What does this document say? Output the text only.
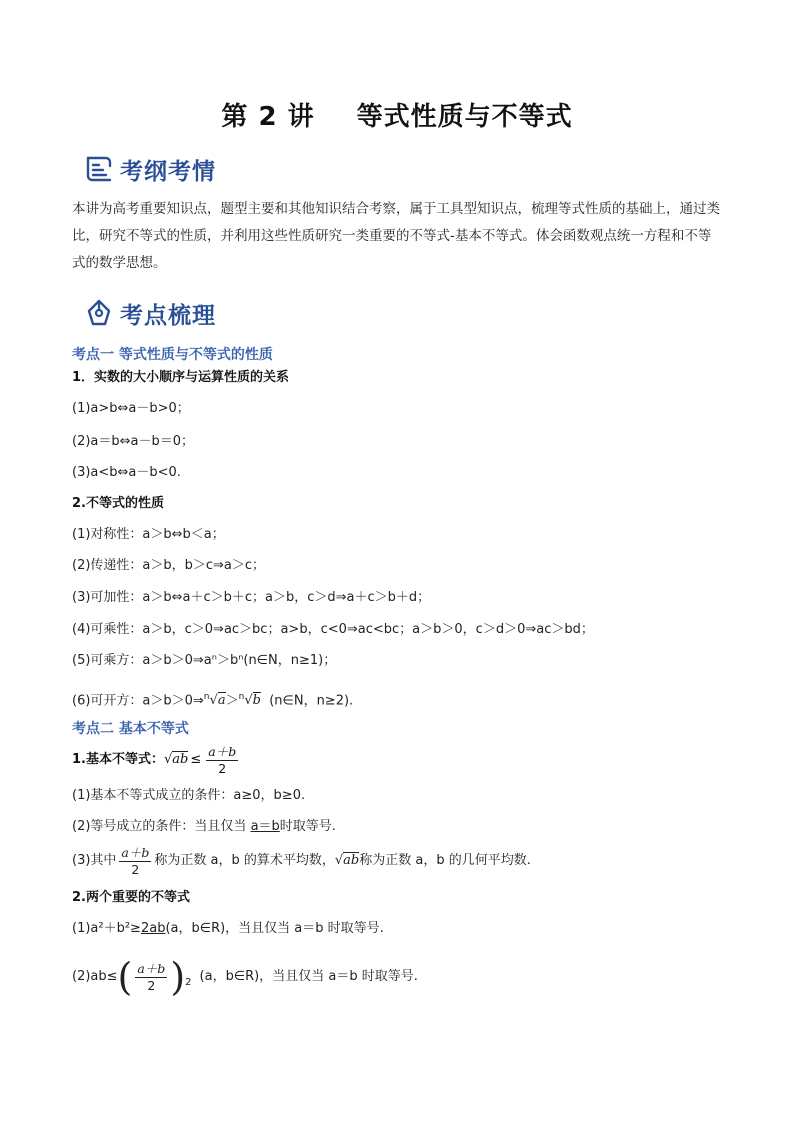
第 2 讲 等式性质与不等式
考纲考情
本讲为高考重要知识点，题型主要和其他知识结合考察，属于工具型知识点，梳理等式性质的基础上，通过类比，研究不等式的性质，并利用这些性质研究一类重要的不等式-基本不等式。体会函数观点统一方程和不等式的数学思想。
考点梳理
考点一 等式性质与不等式的性质
1．实数的大小顺序与运算性质的关系
(1)a>b⇔a－b>0；
(2)a＝b⇔a－b＝0；
(3)a<b⇔a－b<0.
2.不等式的性质
(1)对称性：a＞b⇔b＜a；
(2)传递性：a＞b，b＞c⇒a＞c；
(3)可加性：a＞b⇔a＋c＞b＋c；a＞b，c＞d⇒a＋c＞b＋d；
(4)可乘性：a＞b，c＞0⇒ac＞bc；a>b，c<0⇒ac<bc；a＞b＞0，c＞d＞0⇒ac＞bd；
(5)可乘方：a＞b＞0⇒aⁿ＞bⁿ(n∈N，n≥1)；
(6)可开方：a＞b＞0⇒$^n$√a＞$^n$√b (n∈N，n≥2).
考点二 基本不等式
1.基本不等式： $√ab \le \frac{a+b}{2}$
(1)基本不等式成立的条件：a≥0，b≥0.
(2)等号成立的条件：当且仅当 a＝b时取等号.
(3)其中 $\frac{a+b}{2}$ 称为正数 a，b 的算术平均数， √ab 称为正数 a，b 的几何平均数.
2.两个重要的不等式
(1)a²＋b²≥2ab(a，b∈R)，当且仅当 a＝b 时取等号.
(2)ab≤ ( $\frac{a+b}{2}$ ) 2 (a，b∈R)，当且仅当 a＝b 时取等号.
